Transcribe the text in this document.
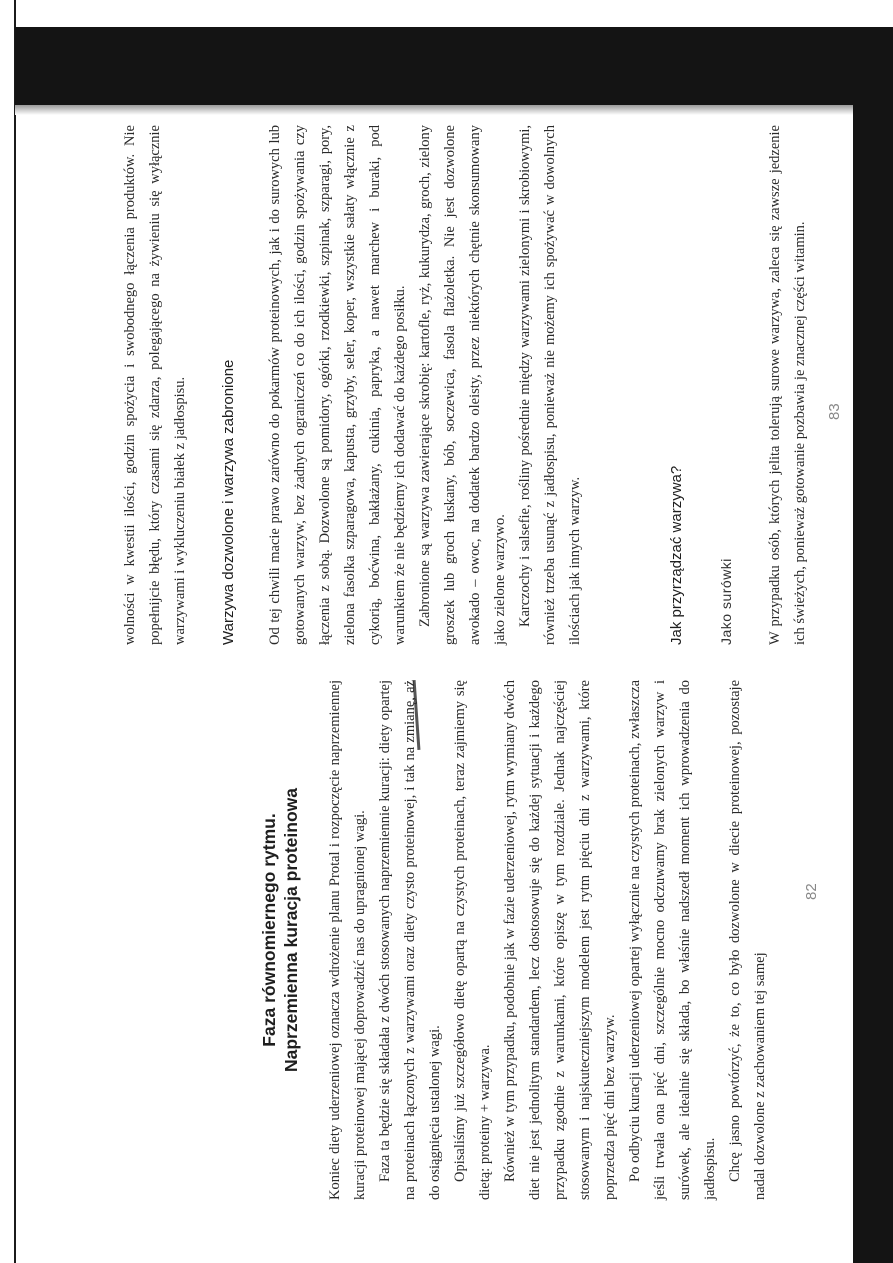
Faza równomiernego rytmu. Naprzemienna kuracja proteinowa Koniec diety uderzeniowej oznacza wdrożenie planu Protal i rozpoczęcie naprzemiennej kuracji proteinowej mającej doprowadzić nas do upragnionej wagi. Faza ta będzie się składała z dwóch stosowanych naprzemiennie kuracji: diety opartej na proteinach łączonych z warzywami oraz diety czysto proteinowej, i tak na zmianę, aż do osiągnięcia ustalonej wagi. Opisaliśmy już szczegółowo dietę opartą na czystych proteinach, teraz zajmiemy się dietą: proteiny + warzywa. Również w tym przypadku, podobnie jak w fazie uderzeniowej, rytm wymiany dwóch diet nie jest jednolitym standardem, lecz dostosowuje się do każdej sytuacji i każdego przypadku zgodnie z warunkami, które opiszę w tym rozdziale. Jednak najczęściej stosowanym i najskuteczniejszym modelem jest rytm pięciu dni z warzywami, które poprzedza pięć dni bez warzyw. Po odbyciu kuracji uderzeniowej opartej wyłącznie na czystych proteinach, zwłaszcza jeśli trwała ona pięć dni, szczególnie mocno odczuwamy brak zielonych warzyw i surówek, ale idealnie się składa, bo właśnie nadszedł moment ich wprowadzenia do jadłospisu. Chcę jasno powtórzyć, że to, co było dozwolone w diecie proteinowej, pozostaje nadal dozwolone z zachowaniem tej samej

82

wolności w kwestii ilości, godzin spożycia i swobodnego łączenia produktów. Nie popełnijcie błędu, który czasami się zdarza, polegającego na żywieniu się wyłącznie warzywami i wykluczeniu białek z jadłospisu.	Warzywa dozwolone i warzywa zabronione Od tej chwili macie prawo zarówno do pokarmów proteinowych, jak i do surowych lub gotowanych warzyw, bez żadnych ograniczeń co do ich ilości, godzin spożywania czy łączenia z sobą. Dozwolone są pomidory, ogórki, rzodkiewki, szpinak, szparagi, pory, zielona fasolka szparagowa, kapusta, grzyby, seler, koper, wszystkie sałaty włącznie z cykorią, boćwina, bakłażany, cukinia, papryka, a nawet marchew i buraki, pod warunkiem że nie będziemy ich dodawać do każdego posiłku. Zabronione są warzywa zawierające skrobię: kartofle, ryż, kukurydza, groch, zielony groszek lub groch łuskany, bób, soczewica, fasola flażoletka. Nie jest dozwolone awokado – owoc, na dodatek bardzo oleisty, przez niektórych chętnie skonsumowany jako zielone warzywo. Karczochy i salsefie, rośliny pośrednie między warzywami zielonymi i skrobiowymi, również trzeba usunąć z jadłospisu, ponieważ nie możemy ich spożywać w dowolnych ilościach jak innych warzyw.	Jak przyrządzać warzywa? Jako surówki W przypadku osób, których jelita tolerują surowe warzywa, zaleca się zawsze jedzenie ich świeżych, ponieważ gotowanie pozbawia je znacznej części witamin.	83
